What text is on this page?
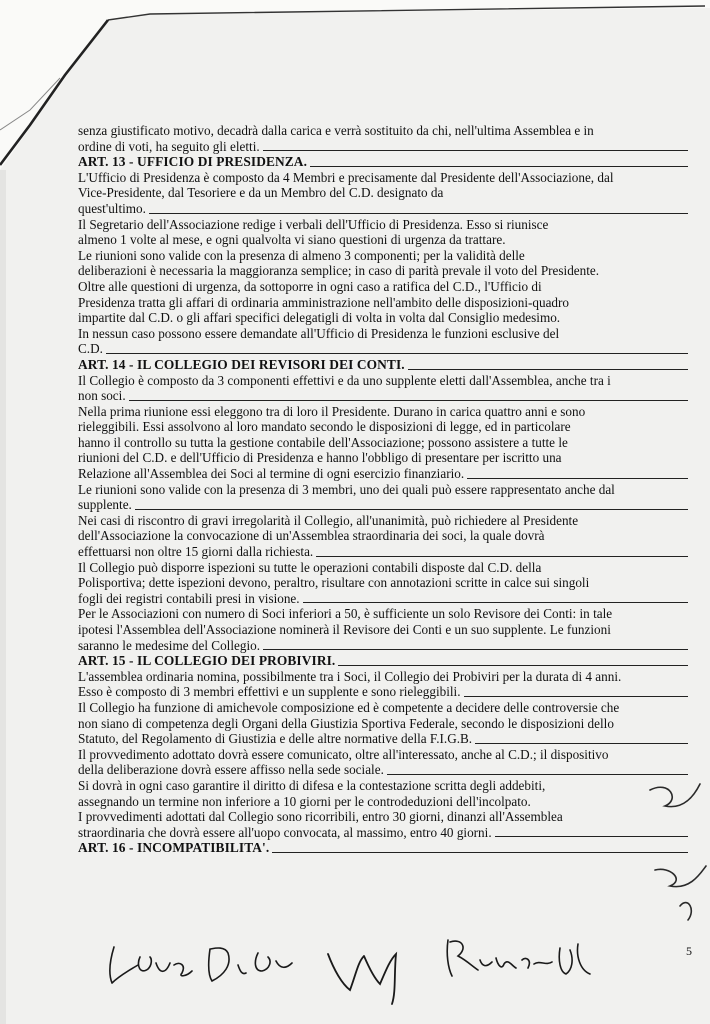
senza giustificato motivo, decadrà dalla carica e verrà sostituito da chi, nell'ultima Assemblea e in
ordine di voti, ha seguito gli eletti.
ART. 13 - UFFICIO DI PRESIDENZA.
L'Ufficio di Presidenza è composto da 4 Membri e precisamente dal Presidente dell'Associazione, dal
Vice-Presidente, dal Tesoriere e da un Membro del C.D. designato da
quest'ultimo.
Il Segretario dell'Associazione redige i verbali dell'Ufficio di Presidenza. Esso si riunisce
almeno 1 volte al mese, e ogni qualvolta vi siano questioni di urgenza da trattare.
Le riunioni sono valide con la presenza di almeno 3 componenti; per la validità delle
deliberazioni è necessaria la maggioranza semplice; in caso di parità prevale il voto del Presidente.
Oltre alle questioni di urgenza, da sottoporre in ogni caso a ratifica del C.D., l'Ufficio di
Presidenza tratta gli affari di ordinaria amministrazione nell'ambito delle disposizioni-quadro
impartite dal C.D. o gli affari specifici delegatigli di volta in volta dal Consiglio medesimo.
In nessun caso possono essere demandate all'Ufficio di Presidenza le funzioni esclusive del
C.D.
ART. 14 - IL COLLEGIO DEI REVISORI DEI CONTI.
Il Collegio è composto da 3 componenti effettivi e da uno supplente eletti dall'Assemblea, anche tra i
non soci.
Nella prima riunione essi eleggono tra di loro il Presidente. Durano in carica quattro anni e sono
rieleggibili. Essi assolvono al loro mandato secondo le disposizioni di legge, ed in particolare
hanno il controllo su tutta la gestione contabile dell'Associazione; possono assistere a tutte le
riunioni del C.D. e dell'Ufficio di Presidenza e hanno l'obbligo di presentare per iscritto una
Relazione all'Assemblea dei Soci al termine di ogni esercizio finanziario.
Le riunioni sono valide con la presenza di 3 membri, uno dei quali può essere rappresentato anche dal
supplente.
Nei casi di riscontro di gravi irregolarità il Collegio, all'unanimità, può richiedere al Presidente
dell'Associazione la convocazione di un'Assemblea straordinaria dei soci, la quale dovrà
effettuarsi non oltre 15 giorni dalla richiesta.
Il Collegio può disporre ispezioni su tutte le operazioni contabili disposte dal C.D. della
Polisportiva; dette ispezioni devono, peraltro, risultare con annotazioni scritte in calce sui singoli
fogli dei registri contabili presi in visione.
Per le Associazioni con numero di Soci inferiori a 50, è sufficiente un solo Revisore dei Conti: in tale
ipotesi l'Assemblea dell'Associazione nominerà il Revisore dei Conti e un suo supplente. Le funzioni
saranno le medesime del Collegio.
ART. 15 - IL COLLEGIO DEI PROBIVIRI.
L'assemblea ordinaria nomina, possibilmente tra i Soci, il Collegio dei Probiviri per la durata di 4 anni.
Esso è composto di 3 membri effettivi e un supplente e sono rieleggibili.
Il Collegio ha funzione di amichevole composizione ed è competente a decidere delle controversie che
non siano di competenza degli Organi della Giustizia Sportiva Federale, secondo le disposizioni dello
Statuto, del Regolamento di Giustizia e delle altre normative della F.I.G.B.
Il provvedimento adottato dovrà essere comunicato, oltre all'interessato, anche al C.D.; il dispositivo
della deliberazione dovrà essere affisso nella sede sociale.
Si dovrà in ogni caso garantire il diritto di difesa e la contestazione scritta degli addebiti,
assegnando un termine non inferiore a 10 giorni per le controdeduzioni dell'incolpato.
I provvedimenti adottati dal Collegio sono ricorribili, entro 30 giorni, dinanzi all'Assemblea
straordinaria che dovrà essere all'uopo convocata, al massimo, entro 40 giorni.
ART. 16 - INCOMPATIBILITA'.
5
